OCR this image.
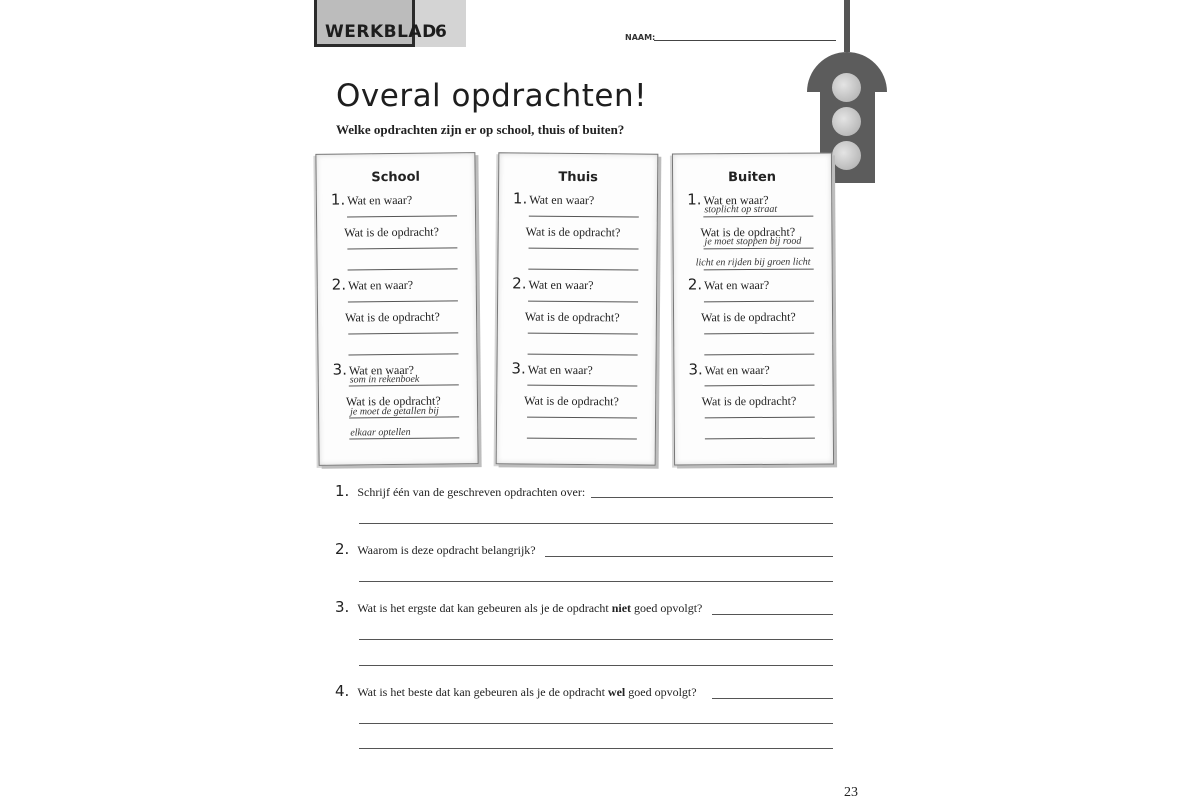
WERKBLAD
6	NAAM:
Overal opdrachten!
Welke opdrachten zijn er op school, thuis of buiten?
School
1. Wat en waar?
Wat is de opdracht?
2. Wat en waar?
Wat is de opdracht?
3. Wat en waar?
som in rekenboek
Wat is de opdracht?
je moet de getallen bij
elkaar optellen
Thuis
1. Wat en waar?
Wat is de opdracht?
2. Wat en waar?
Wat is de opdracht?
3. Wat en waar?
Wat is de opdracht?
Buiten
1. Wat en waar?
stoplicht op straat
Wat is de opdracht?
je moet stoppen bij rood
licht en rijden bij groen licht
2. Wat en waar?
Wat is de opdracht?
3. Wat en waar?
Wat is de opdracht?
1. Schrijf één van de geschreven opdrachten over:
2. Waarom is deze opdracht belangrijk?
3. Wat is het ergste dat kan gebeuren als je de opdracht niet goed opvolgt?
4. Wat is het beste dat kan gebeuren als je de opdracht wel goed opvolgt?
23
